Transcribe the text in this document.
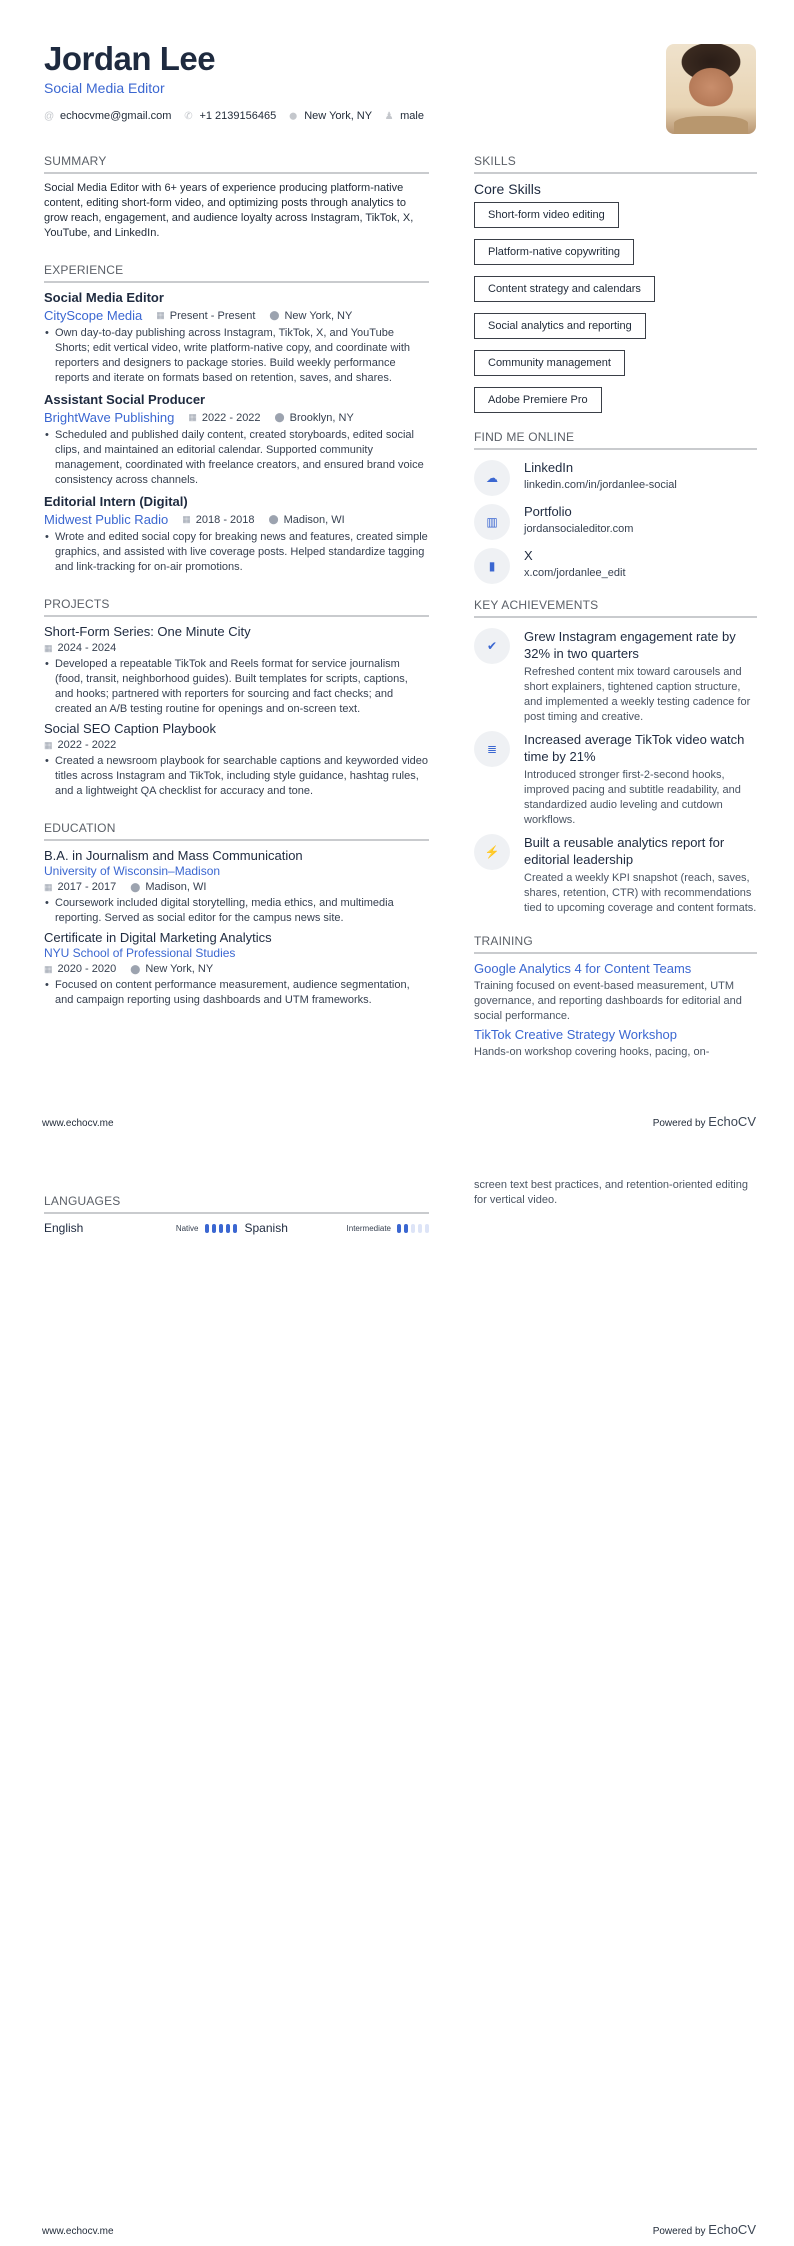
Jordan Lee
Social Media Editor
@ echocvme@gmail.com ✆ +1 2139156465 ⬤ New York, NY ♟ male
SUMMARY

Social Media Editor with 6+ years of experience producing platform-native content, editing short-form video, and optimizing posts through analytics to grow reach, engagement, and audience loyalty across Instagram, TikTok, X, YouTube, and LinkedIn.

EXPERIENCE
Social Media Editor
CityScope Media ▦ Present - Present ⬤ New York, NY
• Own day-to-day publishing across Instagram, TikTok, X, and YouTube Shorts; edit vertical video, write platform-native copy, and coordinate with reporters and designers to package stories. Build weekly performance reports and iterate on formats based on retention, saves, and shares.
Assistant Social Producer
BrightWave Publishing ▦ 2022 - 2022 ⬤ Brooklyn, NY
• Scheduled and published daily content, created storyboards, edited social clips, and maintained an editorial calendar. Supported community management, coordinated with freelance creators, and ensured brand voice consistency across channels.
Editorial Intern (Digital)
Midwest Public Radio ▦ 2018 - 2018 ⬤ Madison, WI
• Wrote and edited social copy for breaking news and features, created simple graphics, and assisted with live coverage posts. Helped standardize tagging and link-tracking for on-air promotions.
PROJECTS
Short-Form Series: One Minute City
▦ 2024 - 2024
• Developed a repeatable TikTok and Reels format for service journalism (food, transit, neighborhood guides). Built templates for scripts, captions, and hooks; partnered with reporters for sourcing and fact checks; and created an A/B testing routine for openings and on-screen text.
Social SEO Caption Playbook
▦ 2022 - 2022
• Created a newsroom playbook for searchable captions and keyworded video titles across Instagram and TikTok, including style guidance, hashtag rules, and a lightweight QA checklist for accuracy and tone.
EDUCATION
B.A. in Journalism and Mass Communication
University of Wisconsin–Madison
▦ 2017 - 2017 ⬤ Madison, WI
• Coursework included digital storytelling, media ethics, and multimedia reporting. Served as social editor for the campus news site.
Certificate in Digital Marketing Analytics
NYU School of Professional Studies
▦ 2020 - 2020 ⬤ New York, NY
• Focused on content performance measurement, audience segmentation, and campaign reporting using dashboards and UTM frameworks.
SKILLS
Core Skills
Short-form video editing
Platform-native copywriting
Content strategy and calendars
Social analytics and reporting
Community management
Adobe Premiere Pro
FIND ME ONLINE
☁
LinkedIn
linkedin.com/in/jordanlee-social
▥
Portfolio
jordansocialeditor.com
▮
X
x.com/jordanlee_edit
KEY ACHIEVEMENTS
✔
Grew Instagram engagement rate by 32% in two quarters
Refreshed content mix toward carousels and short explainers, tightened caption structure, and implemented a weekly testing cadence for post timing and creative.
≣
Increased average TikTok video watch time by 21%
Introduced stronger first-2-second hooks, improved pacing and subtitle readability, and standardized audio leveling and cutdown workflows.
⚡
Built a reusable analytics report for editorial leadership
Created a weekly KPI snapshot (reach, saves, shares, retention, CTR) with recommendations tied to upcoming coverage and content formats.
TRAINING
Google Analytics 4 for Content Teams
Training focused on event-based measurement, UTM governance, and reporting dashboards for editorial and social performance.
TikTok Creative Strategy Workshop
Hands-on workshop covering hooks, pacing, on-
www.echocv.me	Powered by EchoCV
LANGUAGES
English	Native	Spanish	Intermediate
screen text best practices, and retention-oriented editing for vertical video.
www.echocv.me	Powered by EchoCV
